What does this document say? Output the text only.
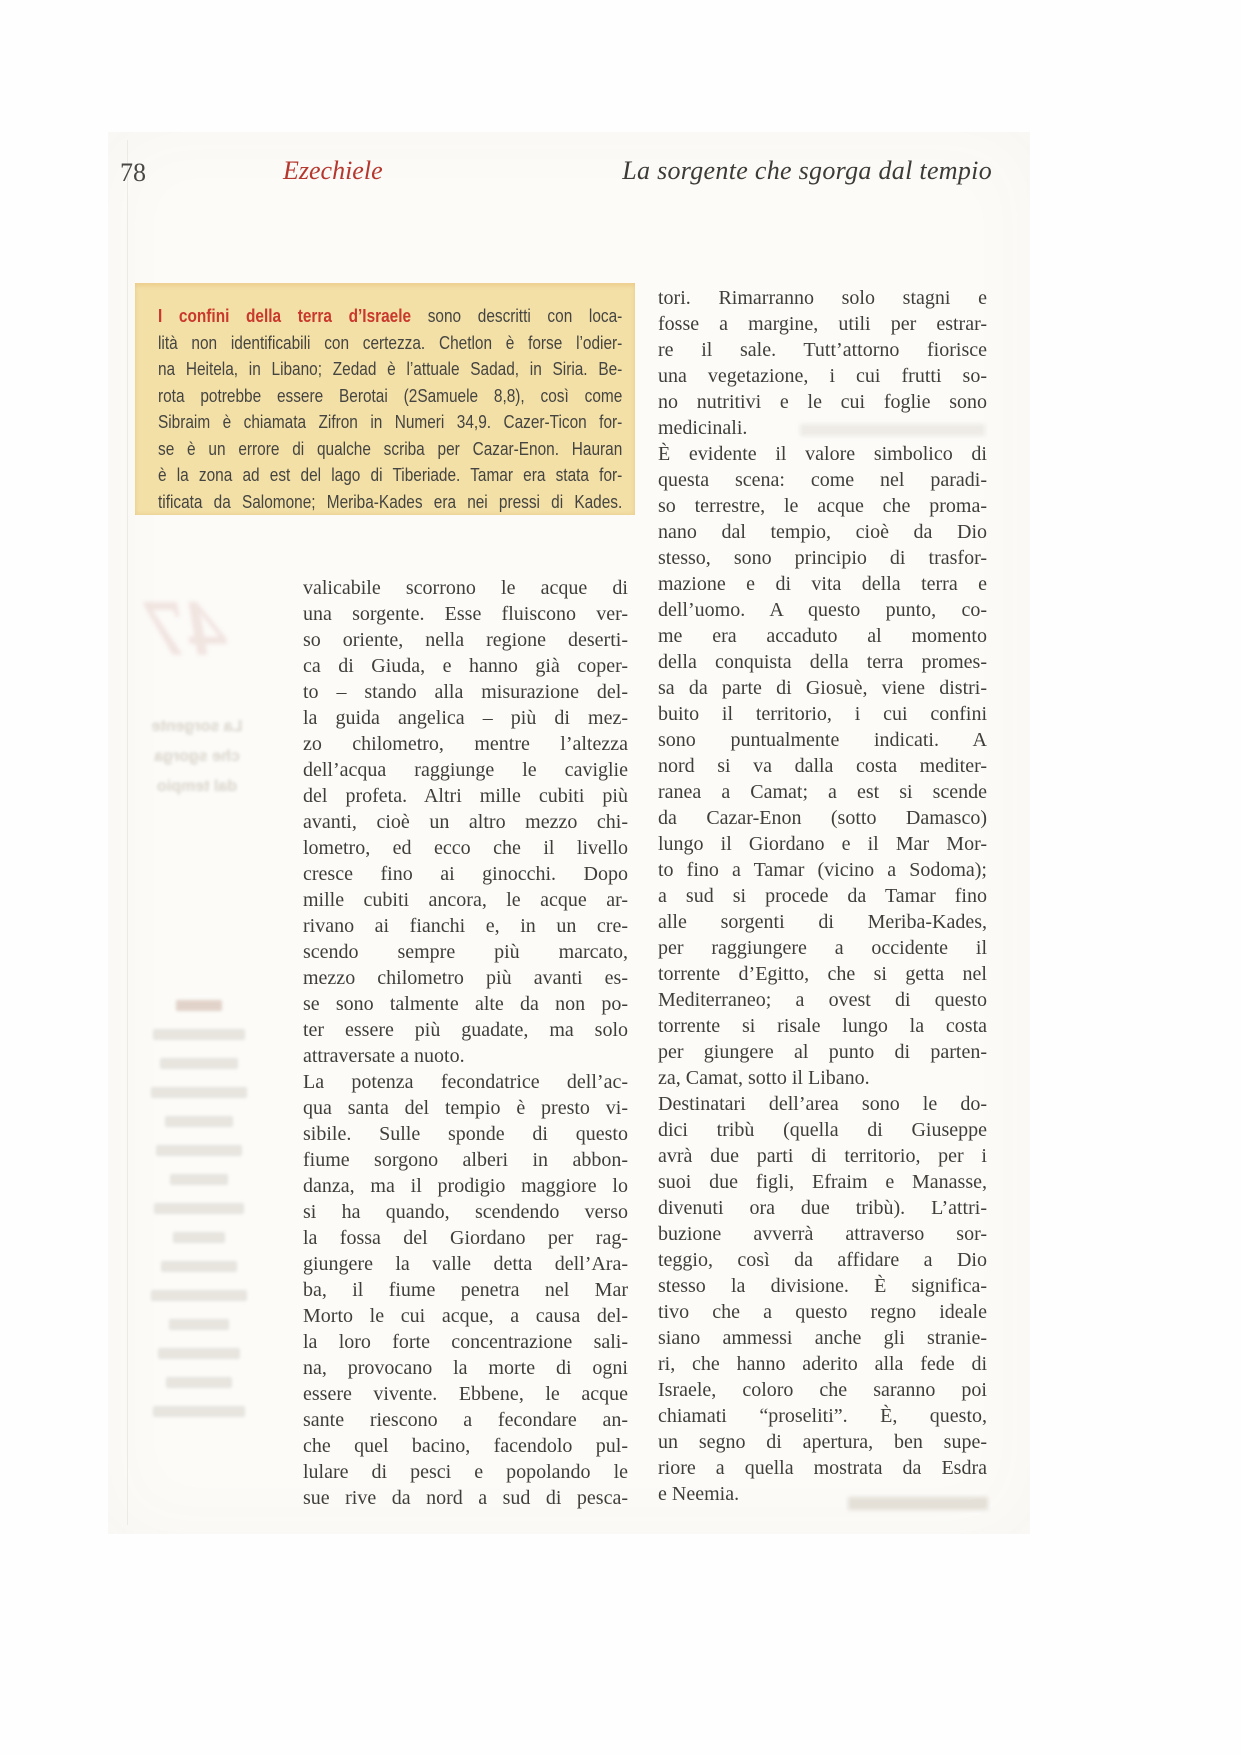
47
La sorgente
che sgorga
dal tempio
78	Ezechiele	La sorgente che sgorga dal tempio
I confini della terra d’Israele sono descritti con loca-
lità non identificabili con certezza. Chetlon è forse l’odier-
na Heitela, in Libano; Zedad è l’attuale Sadad, in Siria. Be-
rota potrebbe essere Berotai (2Samuele 8,8), così come
Sibraim è chiamata Zifron in Numeri 34,9. Cazer-Ticon for-
se è un errore di qualche scriba per Cazar-Enon. Hauran
è la zona ad est del lago di Tiberiade. Tamar era stata for-
tificata da Salomone; Meriba-Kades era nei pressi di Kades.
valicabile scorrono le acque di
una sorgente. Esse fluiscono ver-
so oriente, nella regione deserti-
ca di Giuda, e hanno già coper-
to – stando alla misurazione del-
la guida angelica – più di mez-
zo chilometro, mentre l’altezza
dell’acqua raggiunge le caviglie
del profeta. Altri mille cubiti più
avanti, cioè un altro mezzo chi-
lometro, ed ecco che il livello
cresce fino ai ginocchi. Dopo
mille cubiti ancora, le acque ar-
rivano ai fianchi e, in un cre-
scendo sempre più marcato,
mezzo chilometro più avanti es-
se sono talmente alte da non po-
ter essere più guadate, ma solo
attraversate a nuoto.
La potenza fecondatrice dell’ac-
qua santa del tempio è presto vi-
sibile. Sulle sponde di questo
fiume sorgono alberi in abbon-
danza, ma il prodigio maggiore lo
si ha quando, scendendo verso
la fossa del Giordano per rag-
giungere la valle detta dell’Ara-
ba, il fiume penetra nel Mar
Morto le cui acque, a causa del-
la loro forte concentrazione sali-
na, provocano la morte di ogni
essere vivente. Ebbene, le acque
sante riescono a fecondare an-
che quel bacino, facendolo pul-
lulare di pesci e popolando le
sue rive da nord a sud di pesca-
tori. Rimarranno solo stagni e
fosse a margine, utili per estrar-
re il sale. Tutt’attorno fiorisce
una vegetazione, i cui frutti so-
no nutritivi e le cui foglie sono
medicinali.
È evidente il valore simbolico di
questa scena: come nel paradi-
so terrestre, le acque che proma-
nano dal tempio, cioè da Dio
stesso, sono principio di trasfor-
mazione e di vita della terra e
dell’uomo. A questo punto, co-
me era accaduto al momento
della conquista della terra promes-
sa da parte di Giosuè, viene distri-
buito il territorio, i cui confini
sono puntualmente indicati. A
nord si va dalla costa mediter-
ranea a Camat; a est si scende
da Cazar-Enon (sotto Damasco)
lungo il Giordano e il Mar Mor-
to fino a Tamar (vicino a Sodoma);
a sud si procede da Tamar fino
alle sorgenti di Meriba-Kades,
per raggiungere a occidente il
torrente d’Egitto, che si getta nel
Mediterraneo; a ovest di questo
torrente si risale lungo la costa
per giungere al punto di parten-
za, Camat, sotto il Libano.
Destinatari dell’area sono le do-
dici tribù (quella di Giuseppe
avrà due parti di territorio, per i
suoi due figli, Efraim e Manasse,
divenuti ora due tribù). L’attri-
buzione avverrà attraverso sor-
teggio, così da affidare a Dio
stesso la divisione. È significa-
tivo che a questo regno ideale
siano ammessi anche gli stranie-
ri, che hanno aderito alla fede di
Israele, coloro che saranno poi
chiamati “proseliti”. È, questo,
un segno di apertura, ben supe-
riore a quella mostrata da Esdra
e Neemia.
